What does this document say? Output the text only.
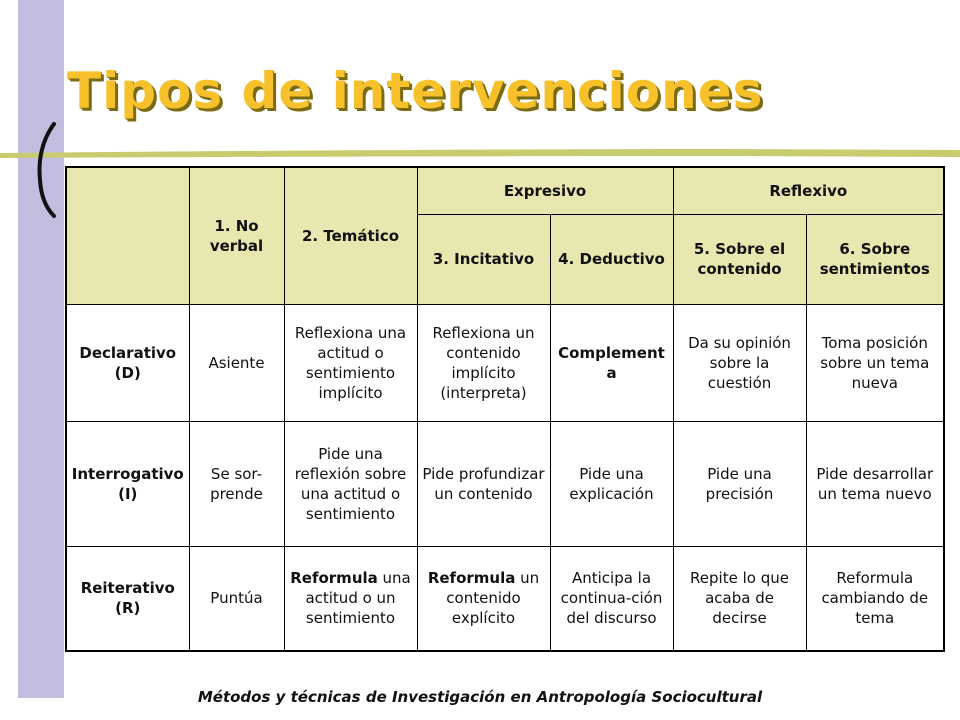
Tipos de intervenciones
	1. No verbal	2. Temático	Expresivo		Reflexivo	
			3. Incitativo	4. Deductivo	5. Sobre el contenido	6. Sobre sentimientos
Declarativo (D)	Asiente	Reflexiona una actitud o sentimiento implícito	Reflexiona un contenido implícito (interpreta)	Complementa	Da su opinión sobre la cuestión	Toma posición sobre un tema nueva
Interrogativo (I)	Se sor-prende	Pide una reflexión sobre una actitud o sentimiento	Pide profundizar un contenido	Pide una explicación	Pide una precisión	Pide desarrollar un tema nuevo
Reiterativo (R)	Puntúa	Reformula una actitud o un sentimiento	Reformula un contenido explícito	Anticipa la continua-ción del discurso	Repite lo que acaba de decirse	Reformula cambiando de tema
Métodos y técnicas de Investigación en Antropología Sociocultural
